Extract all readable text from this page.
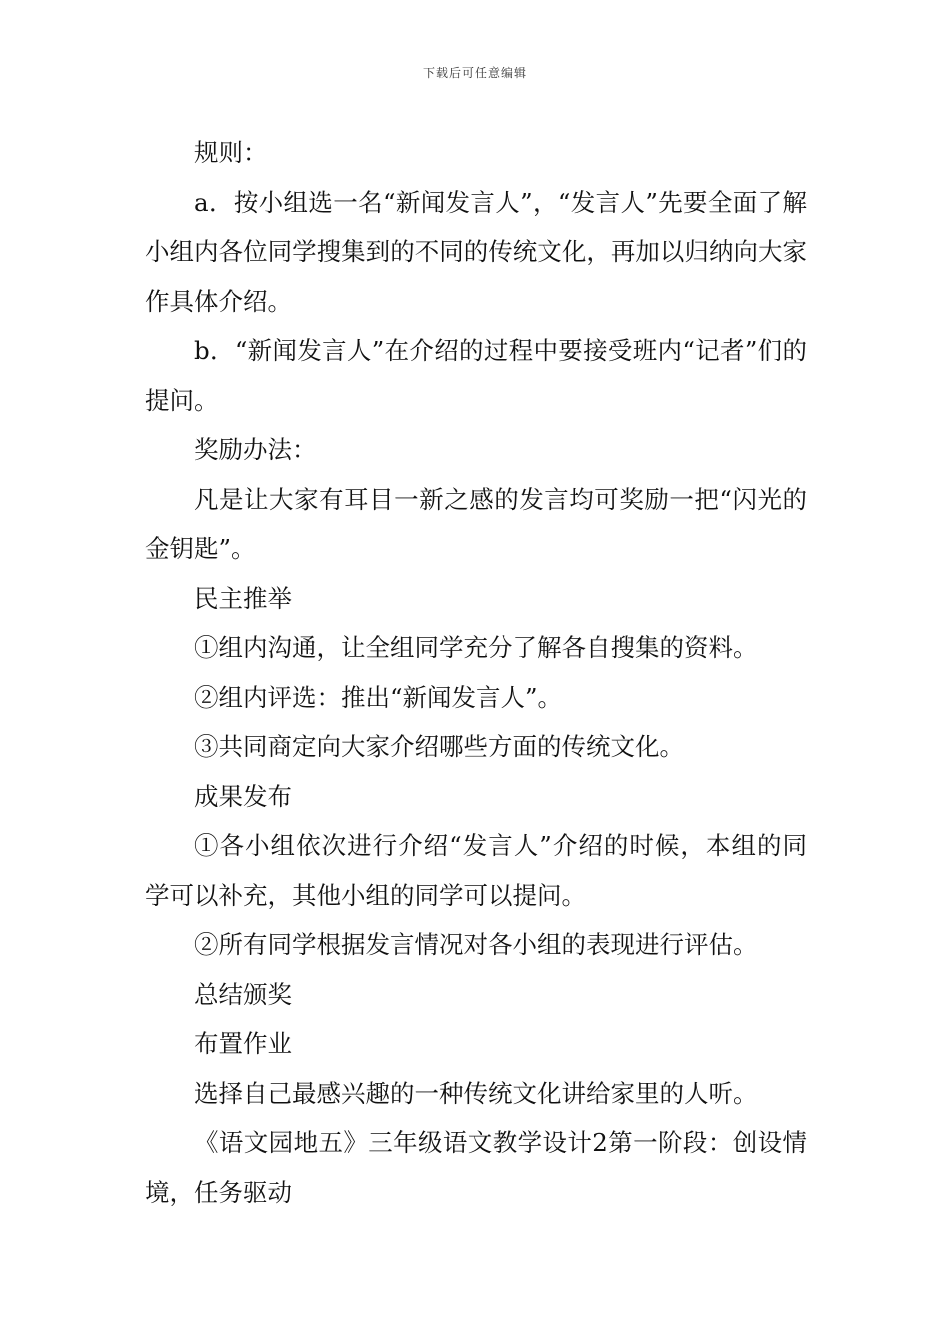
下载后可任意编辑

规则：

a．按小组选一名“新闻发言人”，“发言人”先要全面了解小组内各位同学搜集到的不同的传统文化，再加以归纳向大家作具体介绍。

b．“新闻发言人”在介绍的过程中要接受班内“记者”们的提问。

奖励办法：

凡是让大家有耳目一新之感的发言均可奖励一把“闪光的金钥匙”。

民主推举

①组内沟通，让全组同学充分了解各自搜集的资料。

②组内评选：推出“新闻发言人”。

③共同商定向大家介绍哪些方面的传统文化。

成果发布

①各小组依次进行介绍“发言人”介绍的时候，本组的同学可以补充，其他小组的同学可以提问。

②所有同学根据发言情况对各小组的表现进行评估。

总结颁奖

布置作业

选择自己最感兴趣的一种传统文化讲给家里的人听。

《语文园地五》三年级语文教学设计2第一阶段：创设情境，任务驱动
